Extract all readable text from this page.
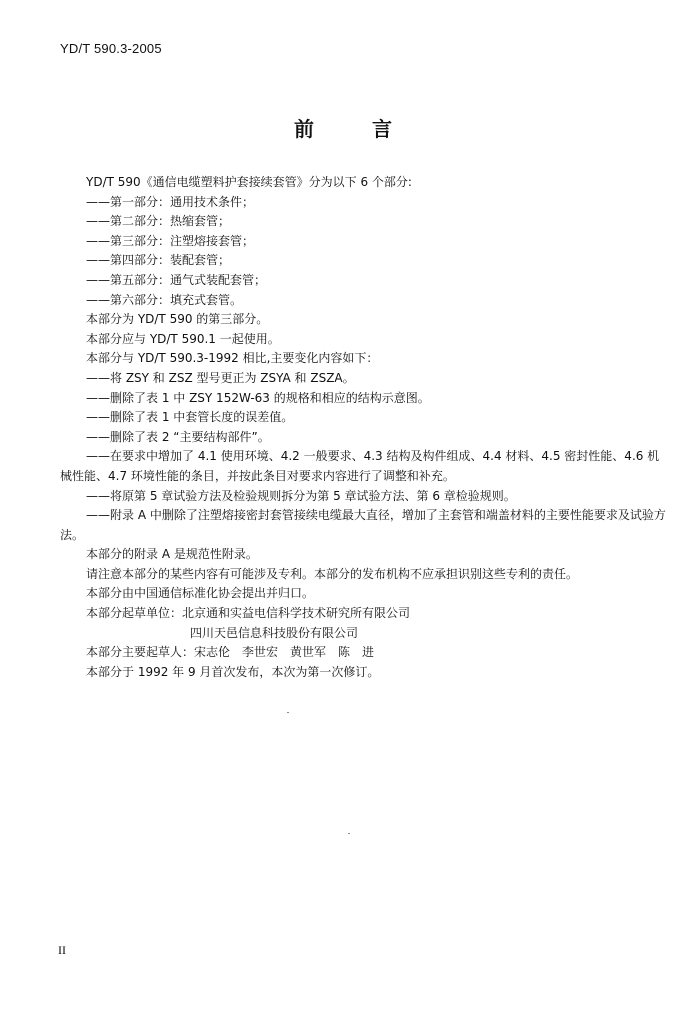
YD/T 590.3-2005
前言

YD/T 590《通信电缆塑料护套接续套管》分为以下 6 个部分:

——第一部分：通用技术条件；

——第二部分：热缩套管；

——第三部分：注塑熔接套管；

——第四部分：装配套管；

——第五部分：通气式装配套管；

——第六部分：填充式套管。

本部分为 YD/T 590 的第三部分。

本部分应与 YD/T 590.1 一起使用。

本部分与 YD/T 590.3-1992 相比,主要变化内容如下：

——将 ZSY 和 ZSZ 型号更正为 ZSYA 和 ZSZA。

——删除了表 1 中 ZSY 152W-63 的规格和相应的结构示意图。

——删除了表 1 中套管长度的误差值。

——删除了表 2 “主要结构部件”。

——在要求中增加了 4.1 使用环境、4.2 一般要求、4.3 结构及构件组成、4.4 材料、4.5 密封性能、4.6 机械性能、4.7 环境性能的条目，并按此条目对要求内容进行了调整和补充。

——将原第 5 章试验方法及检验规则拆分为第 5 章试验方法、第 6 章检验规则。

——附录 A 中删除了注塑熔接密封套管接续电缆最大直径，增加了主套管和端盖材料的主要性能要求及试验方法。

本部分的附录 A 是规范性附录。

请注意本部分的某些内容有可能涉及专利。本部分的发布机构不应承担识别这些专利的责任。

本部分由中国通信标准化协会提出并归口。

本部分起草单位：北京通和实益电信科学技术研究所有限公司

四川天邑信息科技股份有限公司

本部分主要起草人：宋志伦　李世宏　黄世军　陈　进

本部分于 1992 年 9 月首次发布，本次为第一次修订。

II
